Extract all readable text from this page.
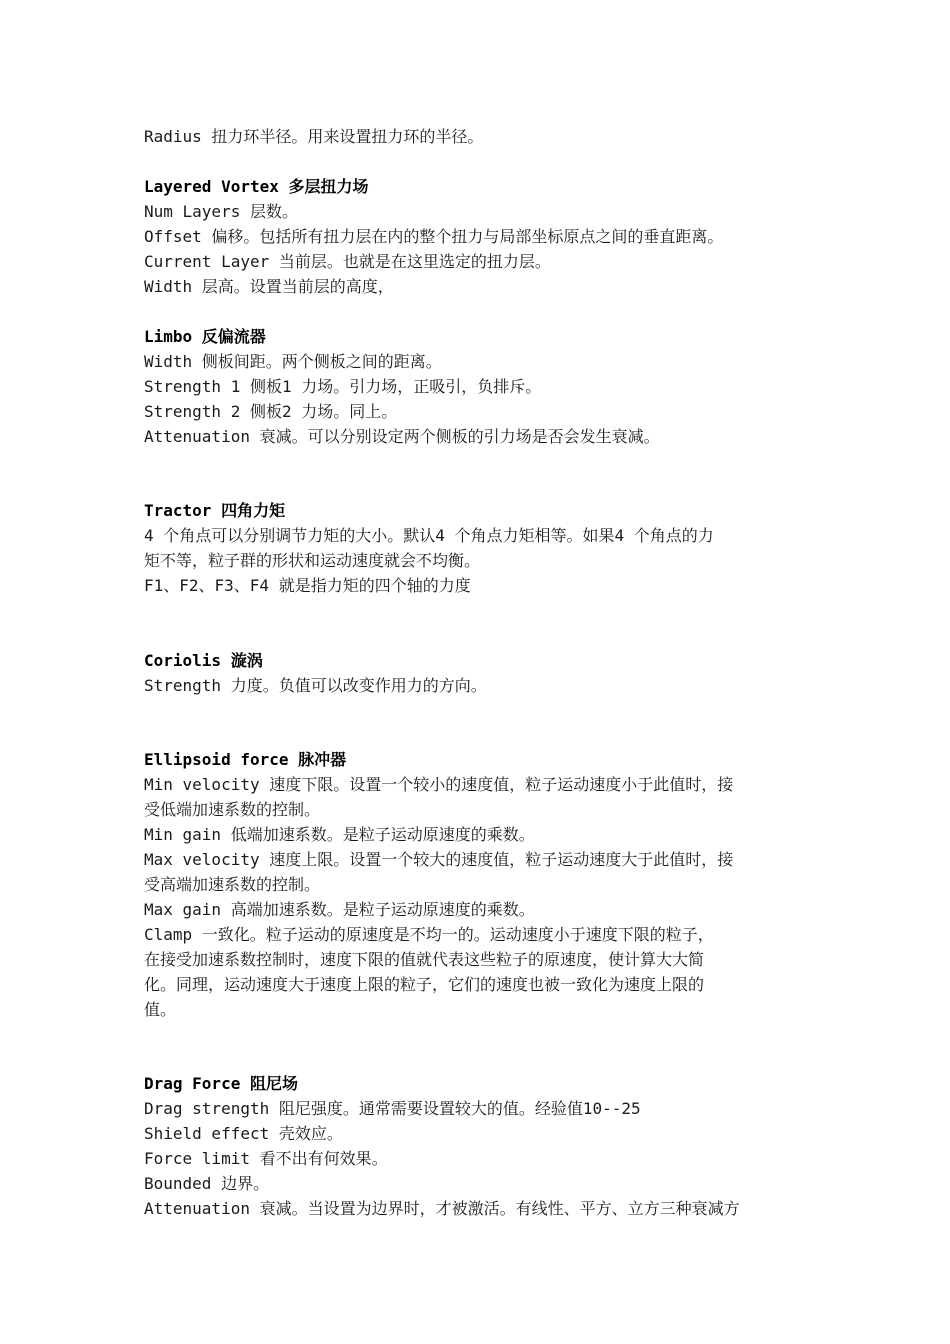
Radius 扭力环半径。用来设置扭力环的半径。
Layered Vortex 多层扭力场
Num Layers 层数。
Offset 偏移。包括所有扭力层在内的整个扭力与局部坐标原点之间的垂直距离。
Current Layer 当前层。也就是在这里选定的扭力层。
Width 层高。设置当前层的高度，
Limbo 反偏流器
Width 侧板间距。两个侧板之间的距离。
Strength 1 侧板1 力场。引力场，正吸引，负排斥。
Strength 2 侧板2 力场。同上。
Attenuation 衰减。可以分别设定两个侧板的引力场是否会发生衰减。
Tractor 四角力矩
4 个角点可以分别调节力矩的大小。默认4 个角点力矩相等。如果4 个角点的力
矩不等，粒子群的形状和运动速度就会不均衡。
F1、F2、F3、F4 就是指力矩的四个轴的力度
Coriolis 漩涡
Strength 力度。负值可以改变作用力的方向。
Ellipsoid force 脉冲器
Min velocity 速度下限。设置一个较小的速度值，粒子运动速度小于此值时，接
受低端加速系数的控制。
Min gain 低端加速系数。是粒子运动原速度的乘数。
Max velocity 速度上限。设置一个较大的速度值，粒子运动速度大于此值时，接
受高端加速系数的控制。
Max gain 高端加速系数。是粒子运动原速度的乘数。
Clamp 一致化。粒子运动的原速度是不均一的。运动速度小于速度下限的粒子，
在接受加速系数控制时，速度下限的值就代表这些粒子的原速度，使计算大大简
化。同理，运动速度大于速度上限的粒子，它们的速度也被一致化为速度上限的
值。
Drag Force 阻尼场
Drag strength 阻尼强度。通常需要设置较大的值。经验值10--25
Shield effect 壳效应。
Force limit 看不出有何效果。
Bounded 边界。
Attenuation 衰减。当设置为边界时，才被激活。有线性、平方、立方三种衰减方
